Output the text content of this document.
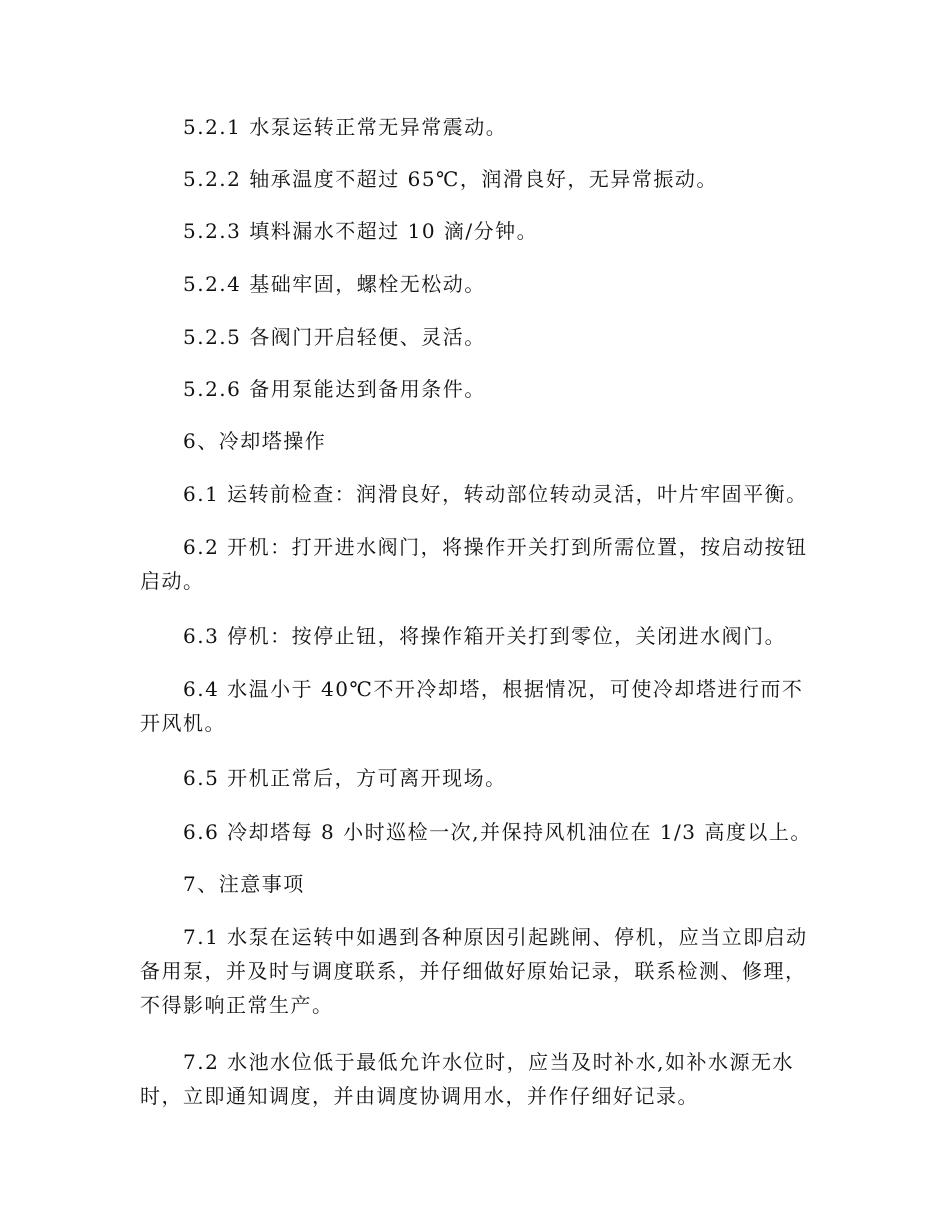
5.2.1 水泵运转正常无异常震动。

5.2.2 轴承温度不超过 65℃，润滑良好，无异常振动。

5.2.3 填料漏水不超过 10 滴/分钟。

5.2.4 基础牢固，螺栓无松动。

5.2.5 各阀门开启轻便、灵活。

5.2.6 备用泵能达到备用条件。

6、冷却塔操作

6.1 运转前检查：润滑良好，转动部位转动灵活，叶片牢固平衡。

6.2 开机：打开进水阀门，将操作开关打到所需位置，按启动按钮启动。

6.3 停机：按停止钮，将操作箱开关打到零位，关闭进水阀门。

6.4 水温小于 40℃不开冷却塔，根据情况，可使冷却塔进行而不开风机。

6.5 开机正常后，方可离开现场。

6.6 冷却塔每 8 小时巡检一次,并保持风机油位在 1/3 高度以上。

7、注意事项

7.1 水泵在运转中如遇到各种原因引起跳闸、停机，应当立即启动备用泵，并及时与调度联系，并仔细做好原始记录，联系检测、修理，不得影响正常生产。

7.2 水池水位低于最低允许水位时，应当及时补水,如补水源无水时，立即通知调度，并由调度协调用水，并作仔细好记录。
